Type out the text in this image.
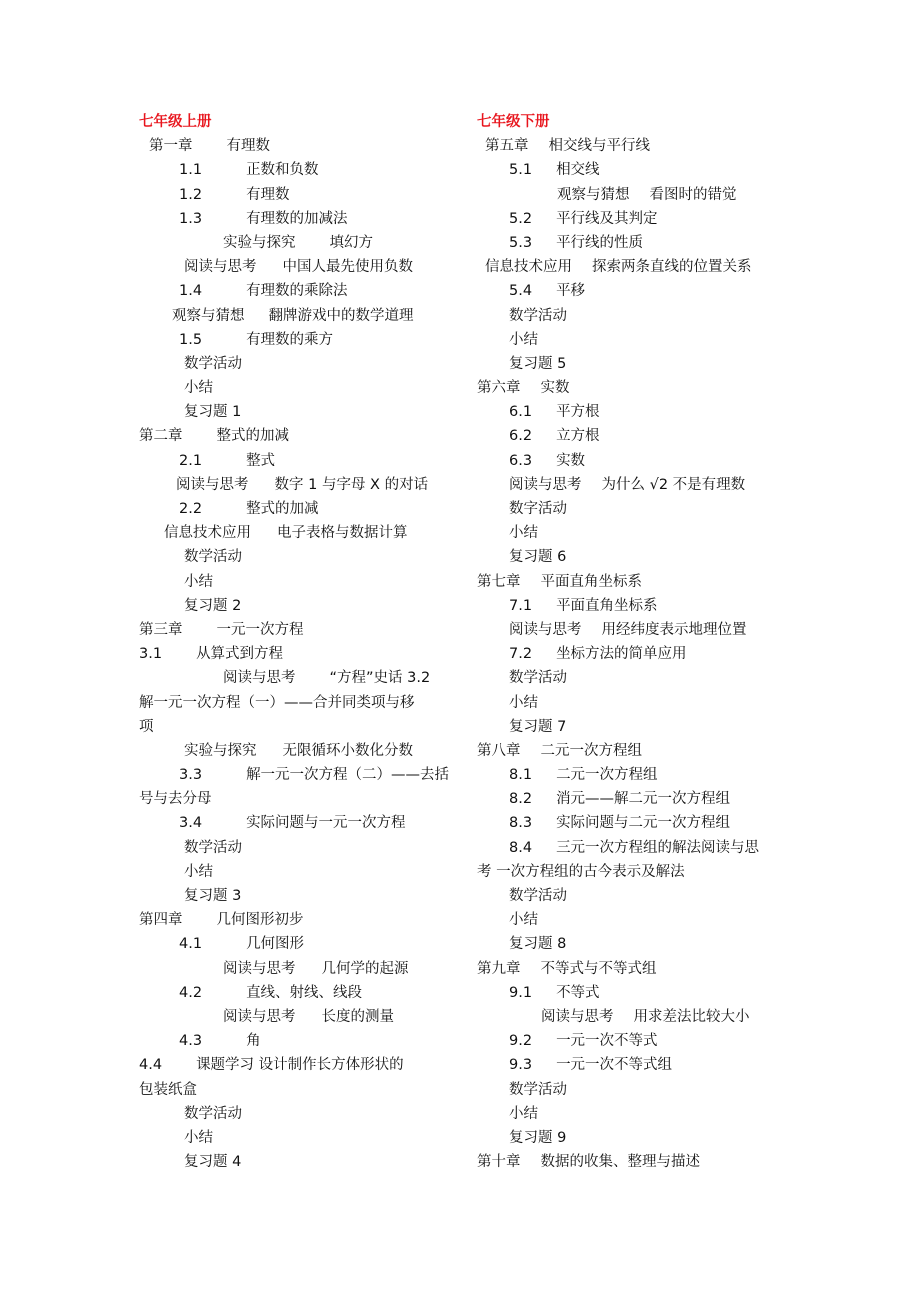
七年级上册
第一章 有理数
1.1	正数和负数
1.2	有理数
1.3	有理数的加减法
实验与探究 填幻方
阅读与思考 中国人最先使用负数
1.4	有理数的乘除法
观察与猜想 翻牌游戏中的数学道理
1.5	有理数的乘方
数学活动
小结
复习题 1
第二章 整式的加减
2.1	整式
阅读与思考 数字 1 与字母 X 的对话
2.2	整式的加减
信息技术应用 电子表格与数据计算
数学活动
小结
复习题 2
第三章 一元一次方程
3.1 从算式到方程
阅读与思考 “方程”史话 3.2
解一元一次方程（一）——合并同类项与移
项
实验与探究 无限循环小数化分数
3.3	解一元一次方程（二）——去括
号与去分母
3.4	实际问题与一元一次方程
数学活动
小结
复习题 3
第四章 几何图形初步
4.1	几何图形
阅读与思考 几何学的起源
4.2	直线、射线、线段
阅读与思考 长度的测量
4.3	角
4.4 课题学习 设计制作长方体形状的
包装纸盒
数学活动
小结
复习题 4
七年级下册
第五章 相交线与平行线
5.1 相交线
观察与猜想 看图时的错觉
5.2 平行线及其判定
5.3 平行线的性质
信息技术应用 探索两条直线的位置关系
5.4 平移
数学活动
小结
复习题 5
第六章 实数
6.1 平方根
6.2 立方根
6.3 实数
阅读与思考 为什么 √2 不是有理数
数字活动
小结
复习题 6
第七章 平面直角坐标系
7.1 平面直角坐标系
阅读与思考 用经纬度表示地理位置
7.2 坐标方法的简单应用
数学活动
小结
复习题 7
第八章 二元一次方程组
8.1 二元一次方程组
8.2 消元——解二元一次方程组
8.3 实际问题与二元一次方程组
8.4 三元一次方程组的解法阅读与思
考 一次方程组的古今表示及解法
数学活动
小结
复习题 8
第九章 不等式与不等式组
9.1 不等式
阅读与思考 用求差法比较大小
9.2 一元一次不等式
9.3 一元一次不等式组
数学活动
小结
复习题 9
第十章 数据的收集、整理与描述
